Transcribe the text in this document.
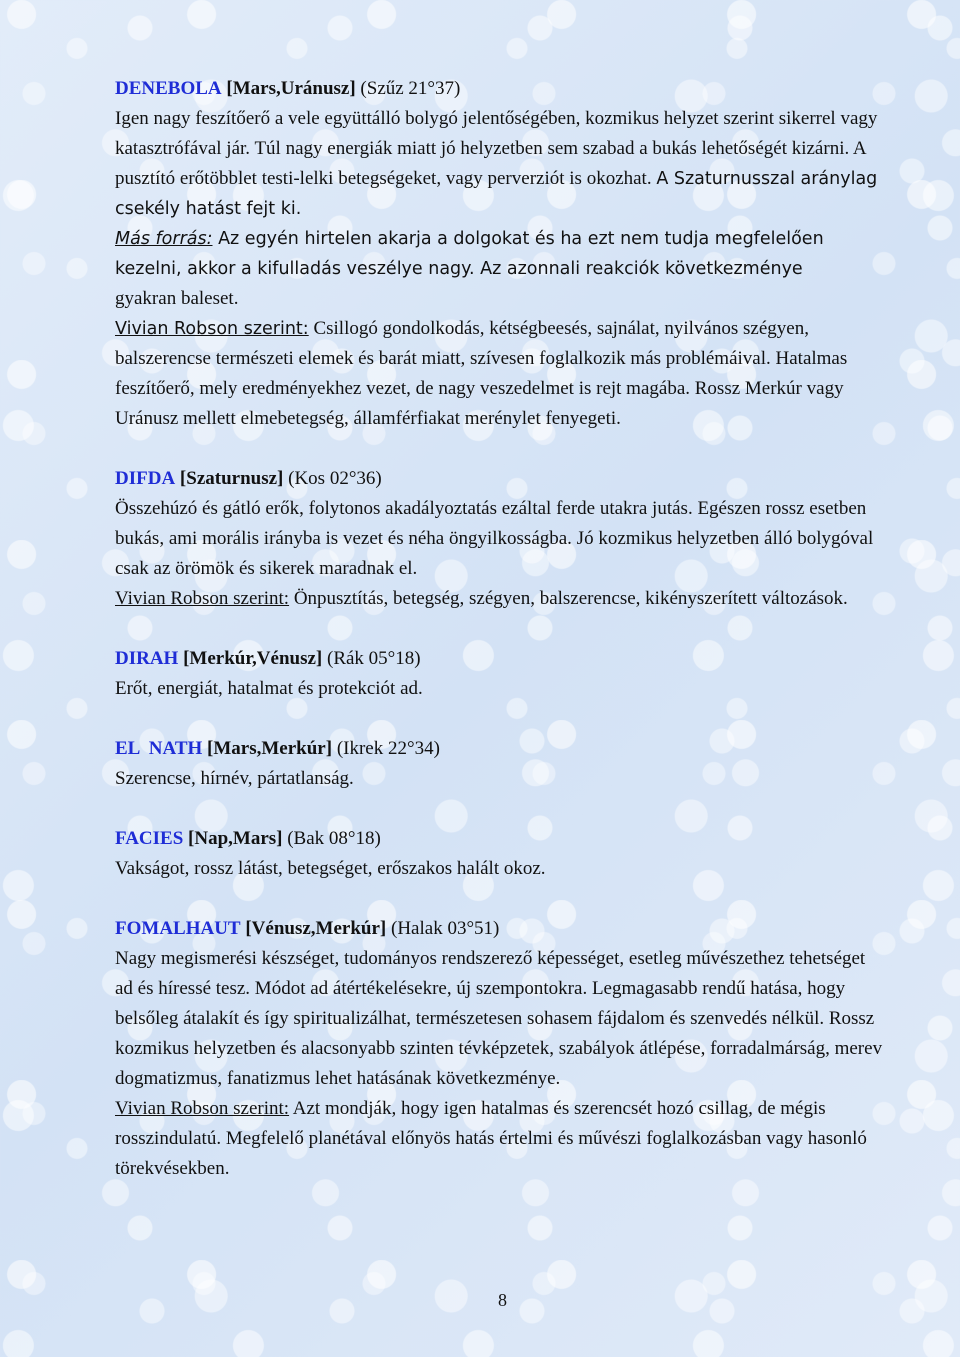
DENEBOLA [Mars,Uránusz] (Szűz 21°37)

Igen nagy feszítőerő a vele együttálló bolygó jelentőségében, kozmikus helyzet szerint sikerrel vagy katasztrófával jár. Túl nagy energiák miatt jó helyzetben sem szabad a bukás lehetőségét kizárni. A pusztító erőtöbblet testi-lelki betegségeket, vagy perverziót is okozhat. A Szaturnusszal aránylag csekély hatást fejt ki.

Más forrás: Az egyén hirtelen akarja a dolgokat és ha ezt nem tudja megfelelően kezelni, akkor a kifulladás veszélye nagy. Az azonnali reakciók következménye

gyakran baleset.

Vivian Robson szerint: Csillogó gondolkodás, kétségbeesés, sajnálat, nyilvános szégyen, balszerencse természeti elemek és barát miatt, szívesen foglalkozik más problémáival. Hatalmas feszítőerő, mely eredményekhez vezet, de nagy veszedelmet is rejt magába. Rossz Merkúr vagy Uránusz mellett elmebetegség, államférfiakat merénylet fenyegeti.

DIFDA [Szaturnusz] (Kos 02°36)

Összehúzó és gátló erők, folytonos akadályoztatás ezáltal ferde utakra jutás. Egészen rossz esetben bukás, ami morális irányba is vezet és néha öngyilkosságba. Jó kozmikus helyzetben álló bolygóval csak az örömök és sikerek maradnak el.

Vivian Robson szerint: Önpusztítás, betegség, szégyen, balszerencse, kikényszerített változások.

DIRAH [Merkúr,Vénusz] (Rák 05°18)

Erőt, energiát, hatalmat és protekciót ad.

EL  NATH [Mars,Merkúr] (Ikrek 22°34)

Szerencse, hírnév, pártatlanság.

FACIES [Nap,Mars] (Bak 08°18)

Vakságot, rossz látást, betegséget, erőszakos halált okoz.

FOMALHAUT [Vénusz,Merkúr] (Halak 03°51)

Nagy megismerési készséget, tudományos rendszerező képességet, esetleg művészethez tehetséget ad és híressé tesz. Módot ad átértékelésekre, új szempontokra. Legmagasabb rendű hatása, hogy belsőleg átalakít és így spiritualizálhat, természetesen sohasem fájdalom és szenvedés nélkül. Rossz kozmikus helyzetben és alacsonyabb szinten tévképzetek, szabályok átlépése, forradalmárság, merev dogmatizmus, fanatizmus lehet hatásának következménye.

Vivian Robson szerint: Azt mondják, hogy igen hatalmas és szerencsét hozó csillag, de mégis rosszindulatú. Megfelelő planétával előnyös hatás értelmi és művészi foglalkozásban vagy hasonló törekvésekben.

8
